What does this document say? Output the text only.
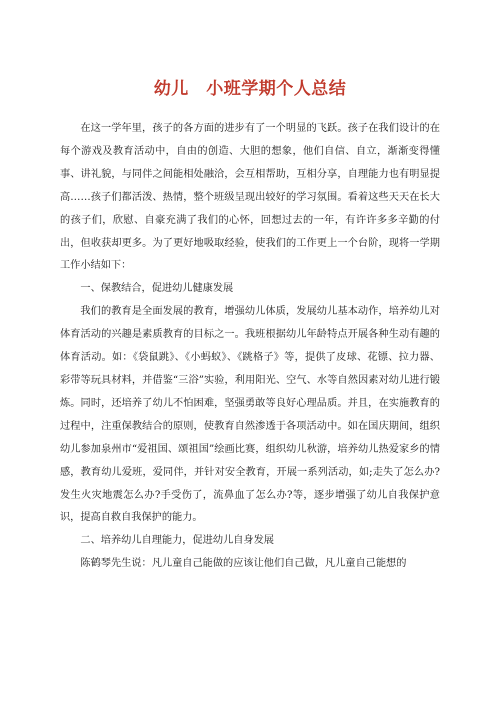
幼儿　小班学期个人总结

在这一学年里，孩子的各方面的进步有了一个明显的飞跃。孩子在我们设计的在每个游戏及教育活动中，自由的创造、大胆的想象，他们自信、自立，渐渐变得懂事、讲礼貌，与同伴之间能相处融洽，会互相帮助，互相分享，自理能力也有明显提高……孩子们都活泼、热情，整个班级呈现出较好的学习氛围。看着这些天天在长大的孩子们，欣慰、自豪充满了我们的心怀，回想过去的一年，有许许多多辛勤的付出，但收获却更多。为了更好地吸取经验，使我们的工作更上一个台阶，现将一学期工作小结如下：

一、保教结合，促进幼儿健康发展

我们的教育是全面发展的教育，增强幼儿体质，发展幼儿基本动作，培养幼儿对体育活动的兴趣是素质教育的目标之一。我班根据幼儿年龄特点开展各种生动有趣的体育活动。如：《袋鼠跳》、《小蚂蚁》、《跳格子》等，提供了皮球、花镖、拉力器、彩带等玩具材料，并借鉴“三浴”实验，利用阳光、空气、水等自然因素对幼儿进行锻炼。同时，还培养了幼儿不怕困难，坚强勇敢等良好心理品质。并且，在实施教育的过程中，注重保教结合的原则，使教育自然渗透于各项活动中。如在国庆期间，组织幼儿参加泉州市“爱祖国、颂祖国”绘画比赛，组织幼儿秋游，培养幼儿热爱家乡的情感，教育幼儿爱班，爱同伴，并针对安全教育，开展一系列活动，如;走失了怎么办?发生火灾地震怎么办?手受伤了，流鼻血了怎么办?等，逐步增强了幼儿自我保护意识，提高自救自我保护的能力。

二、培养幼儿自理能力，促进幼儿自身发展

陈鹤琴先生说：凡儿童自己能做的应该让他们自己做，凡儿童自己能想的
